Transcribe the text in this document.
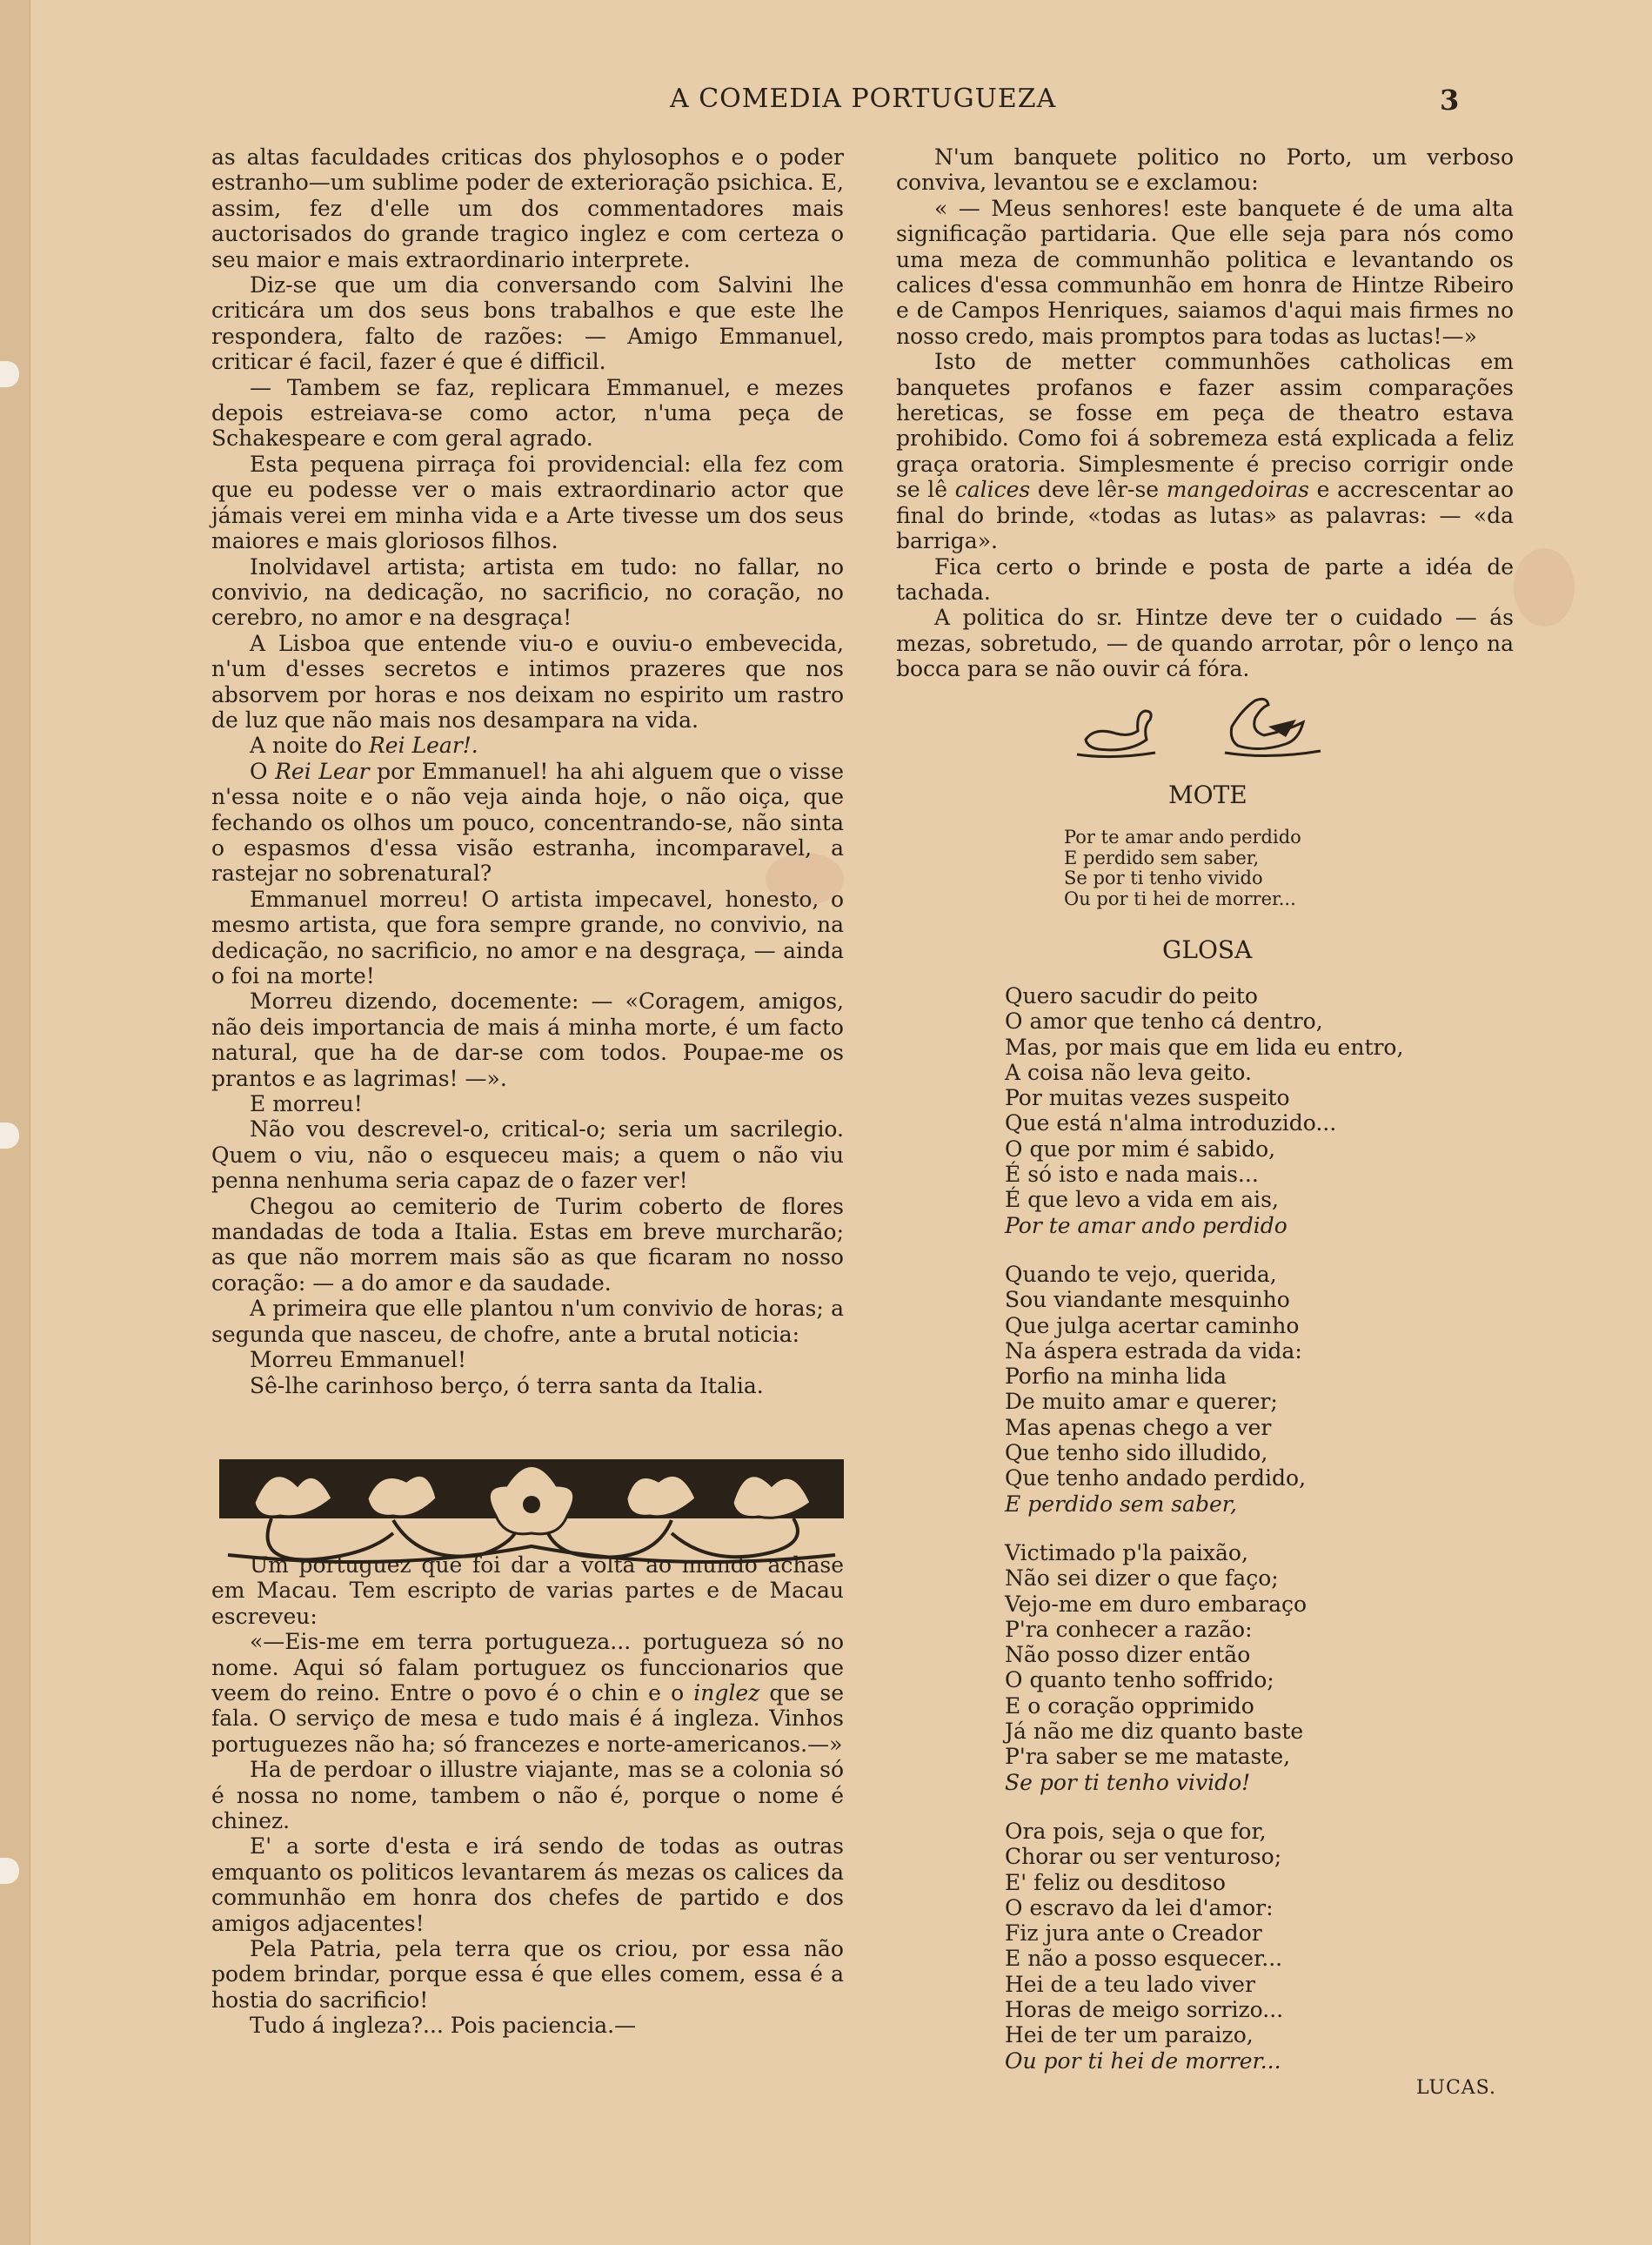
A COMEDIA PORTUGUEZA	3

as altas faculdades criticas dos phylosophos e o poder estranho—um sublime poder de exterioração psichica. E, assim, fez d'elle um dos commentadores mais auctorisados do grande tragico inglez e com certeza o seu maior e mais extraordinario interprete.

Diz-se que um dia conversando com Salvini lhe criticára um dos seus bons trabalhos e que este lhe respondera, falto de razões: — Amigo Emmanuel, criticar é facil, fazer é que é difficil.

— Tambem se faz, replicara Emmanuel, e mezes depois estreiava-se como actor, n'uma peça de Schakespeare e com geral agrado.

Esta pequena pirraça foi providencial: ella fez com que eu podesse ver o mais extraordinario actor que jámais verei em minha vida e a Arte tivesse um dos seus maiores e mais gloriosos filhos.

Inolvidavel artista; artista em tudo: no fallar, no convivio, na dedicação, no sacrificio, no coração, no cerebro, no amor e na desgraça!

A Lisboa que entende viu-o e ouviu-o embevecida, n'um d'esses secretos e intimos prazeres que nos absorvem por horas e nos deixam no espirito um rastro de luz que não mais nos desampara na vida.

A noite do Rei Lear!.

O Rei Lear por Emmanuel! ha ahi alguem que o visse n'essa noite e o não veja ainda hoje, o não oiça, que fechando os olhos um pouco, concentrando-se, não sinta o espasmos d'essa visão estranha, incomparavel, a rastejar no sobrenatural?

Emmanuel morreu! O artista impecavel, honesto, o mesmo artista, que fora sempre grande, no convivio, na dedicação, no sacrificio, no amor e na desgraça, — ainda o foi na morte!

Morreu dizendo, docemente: — «Coragem, amigos, não deis importancia de mais á minha morte, é um facto natural, que ha de dar-se com todos. Poupae-me os prantos e as lagrimas! —».

E morreu!

Não vou descrevel-o, critical-o; seria um sacrilegio. Quem o viu, não o esqueceu mais; a quem o não viu penna nenhuma seria capaz de o fazer ver!

Chegou ao cemiterio de Turim coberto de flores mandadas de toda a Italia. Estas em breve murcharão; as que não morrem mais são as que ficaram no nosso coração: — a do amor e da saudade.

A primeira que elle plantou n'um convivio de horas; a segunda que nasceu, de chofre, ante a brutal noticia:

Morreu Emmanuel!

Sê-lhe carinhoso berço, ó terra santa da Italia.

Um portuguez que foi dar a volta ao mundo achase em Macau. Tem escripto de varias partes e de Macau escreveu:

«—Eis-me em terra portugueza... portugueza só no nome. Aqui só falam portuguez os funccionarios que veem do reino. Entre o povo é o chin e o inglez que se fala. O serviço de mesa e tudo mais é á ingleza. Vinhos portuguezes não ha; só francezes e norte-americanos.—»

Ha de perdoar o illustre viajante, mas se a colonia só é nossa no nome, tambem o não é, porque o nome é chinez.

E' a sorte d'esta e irá sendo de todas as outras emquanto os politicos levantarem ás mezas os calices da communhão em honra dos chefes de partido e dos amigos adjacentes!

Pela Patria, pela terra que os criou, por essa não podem brindar, porque essa é que elles comem, essa é a hostia do sacrificio!

Tudo á ingleza?... Pois paciencia.—

N'um banquete politico no Porto, um verboso conviva, levantou se e exclamou:

« — Meus senhores! este banquete é de uma alta significação partidaria. Que elle seja para nós como uma meza de communhão politica e levantando os calices d'essa communhão em honra de Hintze Ribeiro e de Campos Henriques, saiamos d'aqui mais firmes no nosso credo, mais promptos para todas as luctas!—»

Isto de metter communhões catholicas em banquetes profanos e fazer assim comparações hereticas, se fosse em peça de theatro estava prohibido. Como foi á sobremeza está explicada a feliz graça oratoria. Simplesmente é preciso corrigir onde se lê calices deve lêr-se mangedoiras e accrescentar ao final do brinde, «todas as lutas» as palavras: — «da barriga».

Fica certo o brinde e posta de parte a idéa de tachada.

A politica do sr. Hintze deve ter o cuidado — ás mezas, sobretudo, — de quando arrotar, pôr o lenço na bocca para se não ouvir cá fóra.

MOTE
Por te amar ando perdido
E perdido sem saber,
Se por ti tenho vivido
Ou por ti hei de morrer...
GLOSA
Quero sacudir do peito
O amor que tenho cá dentro,
Mas, por mais que em lida eu entro,
A coisa não leva geito.
Por muitas vezes suspeito
Que está n'alma introduzido...
O que por mim é sabido,
É só isto e nada mais...
É que levo a vida em ais,
Por te amar ando perdido
Quando te vejo, querida,
Sou viandante mesquinho
Que julga acertar caminho
Na áspera estrada da vida:
Porfio na minha lida
De muito amar e querer;
Mas apenas chego a ver
Que tenho sido illudido,
Que tenho andado perdido,
E perdido sem saber,
Victimado p'la paixão,
Não sei dizer o que faço;
Vejo-me em duro embaraço
P'ra conhecer a razão:
Não posso dizer então
O quanto tenho soffrido;
E o coração opprimido
Já não me diz quanto baste
P'ra saber se me mataste,
Se por ti tenho vivido!
Ora pois, seja o que for,
Chorar ou ser venturoso;
E' feliz ou desditoso
O escravo da lei d'amor:
Fiz jura ante o Creador
E não a posso esquecer...
Hei de a teu lado viver
Horas de meigo sorrizo...
Hei de ter um paraizo,
Ou por ti hei de morrer...
LUCAS.
